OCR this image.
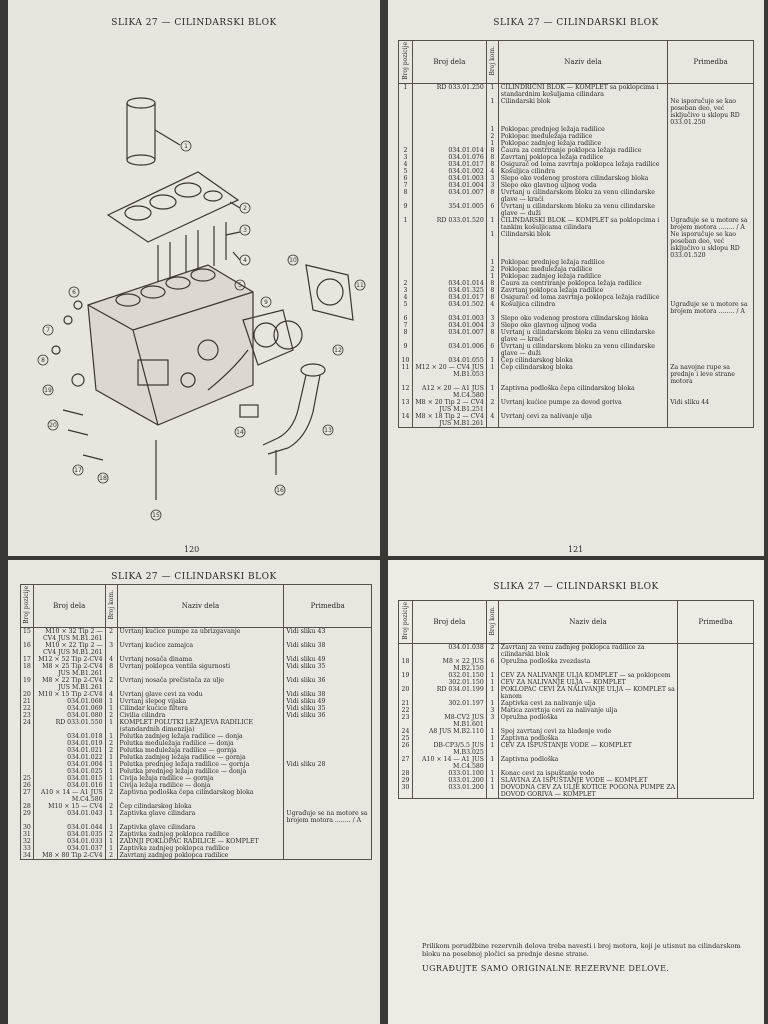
SLIKA 27 — CILINDARSKI BLOK
1
2
3
4
5
6
7
8
9
10
11
12
13
14
15
16
17
18
19
20
120
SLIKA 27 — CILINDARSKI BLOK
Broj pozicije	Broj dela	Broj kom.	Naziv dela	Primedba
1	RD 033.01.250	1	CILINDRIČNI BLOK — KOMPLET sa poklopcima i standardnim košuljama cilindara	
		1	Cilindarski blok	Ne isporučuje se kao poseban deo, već isključivo u sklopu RD 033.01.250
		1	Poklopac prednjeg ležaja radilice	
		2	Poklopac međuležaja radilice	
		1	Poklopac zadnjeg ležaja radilice	
2	034.01.014	8	Čaura za centriranje poklopca ležaja radilice	
3	034.01.076	8	Zavrtanj poklopca ležaja radilice	
4	034.01.017	8	Osigurač od loma zavrtnja poklopca ležaja radilice	
5	034.01.002	4	Košuljica cilindra	
6	034.01.003	3	Slepo oko vodenog prostora cilindarskog bloka	
7	034.01.004	3	Slepo oko glavnog uljnog voda	
8	034.01.007	8	Uvrtanj u cilindarskom bloku za venu cilindarske glave — kraći	
9	354.01.005	6	Uvrtanj u cilindarskom bloku za venu cilindarske glave — duži	
1	RD 033.01.520	1	CILINDARSKI BLOK — KOMPLET sa poklopcima i tankim košuljicama cilindara	Ugrađuje se u motore sa brojem motora ........ / A
		1	Cilindarski blok	Ne isporučuje se kao poseban deo, već isključivo u sklopu RD 033.01.520
		1	Poklopac prednjeg ležaja radilice	
		2	Poklopac međuležaja radilice	
		1	Poklopac zadnjeg ležaja radilice	
2	034.01.014	8	Čaura za centriranje poklopca ležaja radilice	
3	034.01.325	8	Zavrtanj poklopca ležaja radilice	
4	034.01.017	8	Osigurač od loma zavrtnja poklopca ležaja radilice	
5	034.01.502	4	Košuljica cilindra	Ugrađuje se u motore sa brojem motora ........ / A
6	034.01.003	3	Slepo oko vodenog prostora cilindarskog bloka	
7	034.01.004	3	Slepo oko glavnog uljnog voda	
8	034.01.007	8	Uvrtanj u cilindarskom bloku za venu cilindarske glave — kraći	
9	034.01.006	6	Uvrtanj u cilindarskom bloku za venu cilindarske glave — duži	
10	034.01.055	1	Čep cilindarskog bloka	
11	M12 × 20 — CV4 JUS M.B1.053	1	Čep cilindarskog bloka	Za navojne rupe sa prednje i leve strane motora
12	A12 × 20 — A1 JUS M.C4.580	1	Zaptivna podloška čepa cilindarskog bloka	
13	M8 × 20 Tip 2 — CV4 JUS M.B1.251	2	Uvrtanj kućice pumpe za dovod goriva	Vidi sliku 44
14	M8 × 18 Tip 2 — CV4 JUS M.B1.261	4	Uvrtanj cevi za nalivanje ulja	
121
SLIKA 27 — CILINDARSKI BLOK
Broj pozicije	Broj dela	Broj kom.	Naziv dela	Primedba
15	M10 × 32 Tip 2 — CV4 JUS M.B1.261	2	Uvrtanj kućice pumpe za ubrizgavanje	Vidi sliku 43
16	M10 × 22 Tip 2 — CV4 JUS M.B1.261	3	Uvrtanj kućice zamajca	Vidi sliku 38
17	M12 × 52 Tip 2-CV4	4	Uvrtanj nosača dinama	Vidi sliku 49
18	M8 × 25 Tip 2-CV4 JUS M.B1.261	8	Uvrtanj poklopca ventila sigurnosti	Vidi sliku 35
19	M8 × 22 Tip 2-CV4 JUS M.B1.261	2	Uvrtanj nosača prečistača za ulje	Vidi sliku 36
20	M10 × 15 Tip 2-CV4	4	Uvrtanj glave cevi za vodu	Vidi sliku 38
21	034.01.068	1	Uvrtanj slepog vijaka	Vidi sliku 49
22	034.01.069	1	Cilindar kućice filtera	Vidi sliku 35
23	034.01.080	2	Civilia cilindra	Vidi sliku 36
24	RD 033.01.550	1	KOMPLET POLUTKI LEŽAJEVA RADILICE (standardnih dimenzija)	
	034.01.018	1	Polutka zadnjeg ležaja radilice — donja	
	034.01.019	2	Polutka međuležaja radilice — donja	
	034.01.021	2	Polutka međuležaja radilice — gornja	
	034.01.022	1	Polutka zadnjeg ležaja radilice — gornja	
	034.01.004	1	Polutka prednjeg ležaja radilice — gornja	Vidi sliku 28
	034.01.025	1	Polutka prednjeg ležaja radilice — donja	
25	034.01.015	1	Civija ležaja radilice — gornja	
26	034.01.016	1	Civija ležaja radilice — donja	
27	A10 × 14 — A1 JUS M.C4.580	2	Zaptivna podloška čepa cilindarskog bloka	
28	M10 × 15 — CV4	2	Čep cilindarskog bloka	
29	034.01.043	1	Zaptivka glave cilindara	Ugrađuje se na motore sa brojem motora ........ / A
30	034.01.044	1	Zaptivka glave cilindara	
31	034.01.035	2	Zaptivka zadnjeg poklopca radilice	
32	034.01.033	1	ZADNJI POKLOPAC RADILICE — KOMPLET	
33	034.01.037	1	Zaptivka zadnjeg poklopca radilice	
34	M8 × 80 Tip 2-CV4	2	Zavrtanj zadnjeg poklopca radilice	
SLIKA 27 — CILINDARSKI BLOK
Broj pozicije	Broj dela	Broj kom.	Naziv dela	Primedba
	034.01.038	2	Zavrtanj za venu zadnjeg poklopca radilice za cilindarski blok	
18	M8 × 22 JUS M.B2.150	6	Opružna podloška zvezdasta	
19	032.01.150	1	CEV ZA NALIVANJE ULJA KOMPLET — sa poklopcem	
	302.01.150	1	CEV ZA NALIVANJE ULJA — KOMPLET	
20	RD 034.01.199	1	POKLOPAC CEVI ZA NALIVANJE ULJA — KOMPLET sa kanom	
21	302.01.197	1	Zaptivka cevi za nalivanje ulja	
22		3	Matica zavrtnja cevi za nalivanje ulja	
23	M8-CV2 JUS M.B1.601	3	Opružna podloška	
24	A8 JUS M.B2.110	1	Spoj zavrtanj cevi za hlađenje vode	
25		1	Zaptivna podloška	
26	DB-CP3/5.5 JUS M.B3.025	1	CEV ZA ISPUŠTANJE VODE — KOMPLET	
27	A10 × 14 — A1 JUS M.C4.580	1	Zaptivna podloška	
28	033.01.100	1	Konac cevi za ispuštanje vode	
29	033.01.200	1	SLAVINA ZA ISPUŠTANJE VODE — KOMPLET	
30	033.01.200	1	DOVODNA CEV ZA ULJE KOTICE POGONA PUMPE ZA DOVOD GORIVA — KOMPLET	
Prilikom porudžbine rezervnih delova treba navesti i broj motora, koji je utisnut na cilindarskom bloku na posebnoj pločici sa prednje desne strane.
UGRAĐUJTE SAMO ORIGINALNE REZERVNE DELOVE.
